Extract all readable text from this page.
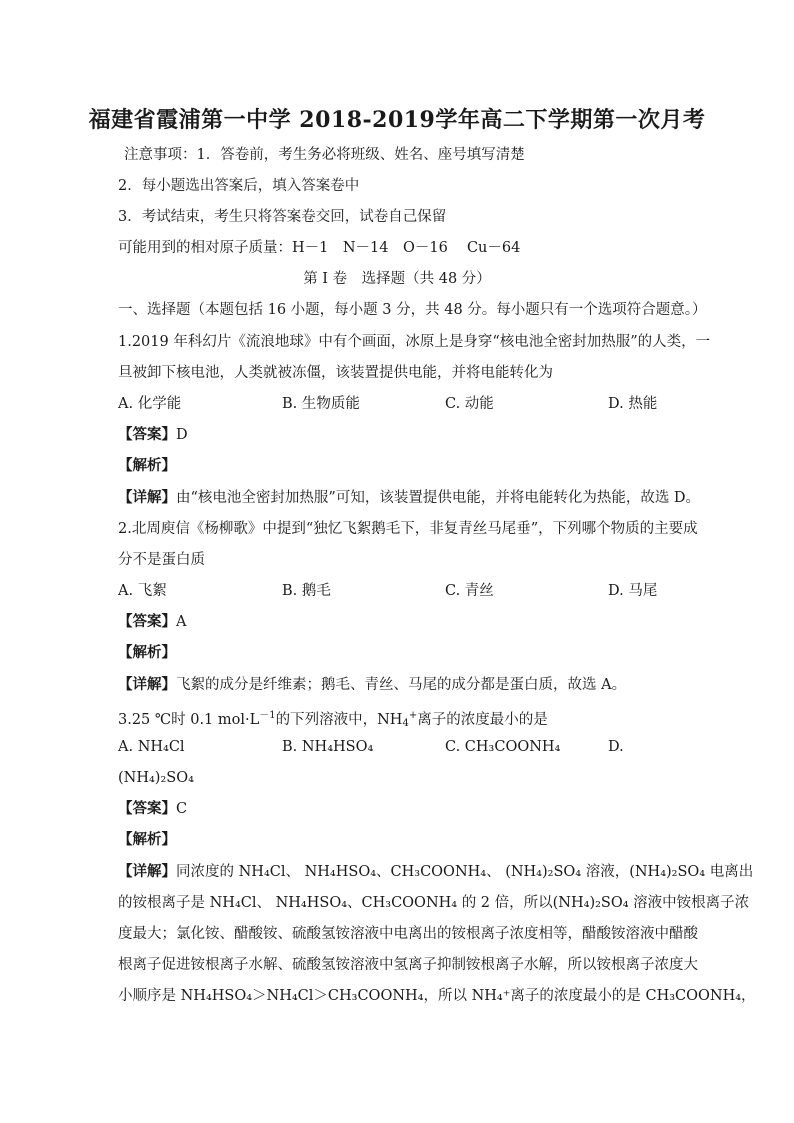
福建省霞浦第一中学 2018-2019学年高二下学期第一次月考
注意事项：1．答卷前，考生务必将班级、姓名、座号填写清楚
2．每小题选出答案后，填入答案卷中
3．考试结束，考生只将答案卷交回，试卷自己保留
可能用到的相对原子质量：H－1　N－14　O－16　 Cu－64
第 I 卷　选择题（共 48 分）
一、选择题（本题包括 16 小题，每小题 3 分，共 48 分。每小题只有一个选项符合题意。）
1.2019 年科幻片《流浪地球》中有个画面，冰原上是身穿“核电池全密封加热服”的人类，一
旦被卸下核电池，人类就被冻僵，该装置提供电能，并将电能转化为
A. 化学能	B. 生物质能	C. 动能	D. 热能
【答案】D
【解析】
【详解】由“核电池全密封加热服”可知，该装置提供电能，并将电能转化为热能，故选 D。
2.北周庾信《杨柳歌》中提到“独忆飞絮鹅毛下，非复青丝马尾垂”，下列哪个物质的主要成
分不是蛋白质
A. 飞絮	B. 鹅毛	C. 青丝	D. 马尾
【答案】A
【解析】
【详解】飞絮的成分是纤维素；鹅毛、青丝、马尾的成分都是蛋白质，故选 A。
3.25 ℃时 0.1 $mol\cdot L^{-1}$的下列溶液中，$NH_4^+$离子的浓度最小的是
A. NH₄Cl	B. NH₄HSO₄	C. CH₃COONH₄	D.
(NH₄)₂SO₄
【答案】C
【解析】
【详解】同浓度的 NH₄Cl、 NH₄HSO₄、CH₃COONH₄、 (NH₄)₂SO₄ 溶液，(NH₄)₂SO₄ 电离出
的铵根离子是 NH₄Cl、 NH₄HSO₄、CH₃COONH₄ 的 2 倍，所以(NH₄)₂SO₄ 溶液中铵根离子浓
度最大；氯化铵、醋酸铵、硫酸氢铵溶液中电离出的铵根离子浓度相等，醋酸铵溶液中醋酸
根离子促进铵根离子水解、硫酸氢铵溶液中氢离子抑制铵根离子水解，所以铵根离子浓度大
小顺序是 NH₄HSO₄＞NH₄Cl＞CH₃COONH₄，所以 NH₄⁺离子的浓度最小的是 CH₃COONH₄，
